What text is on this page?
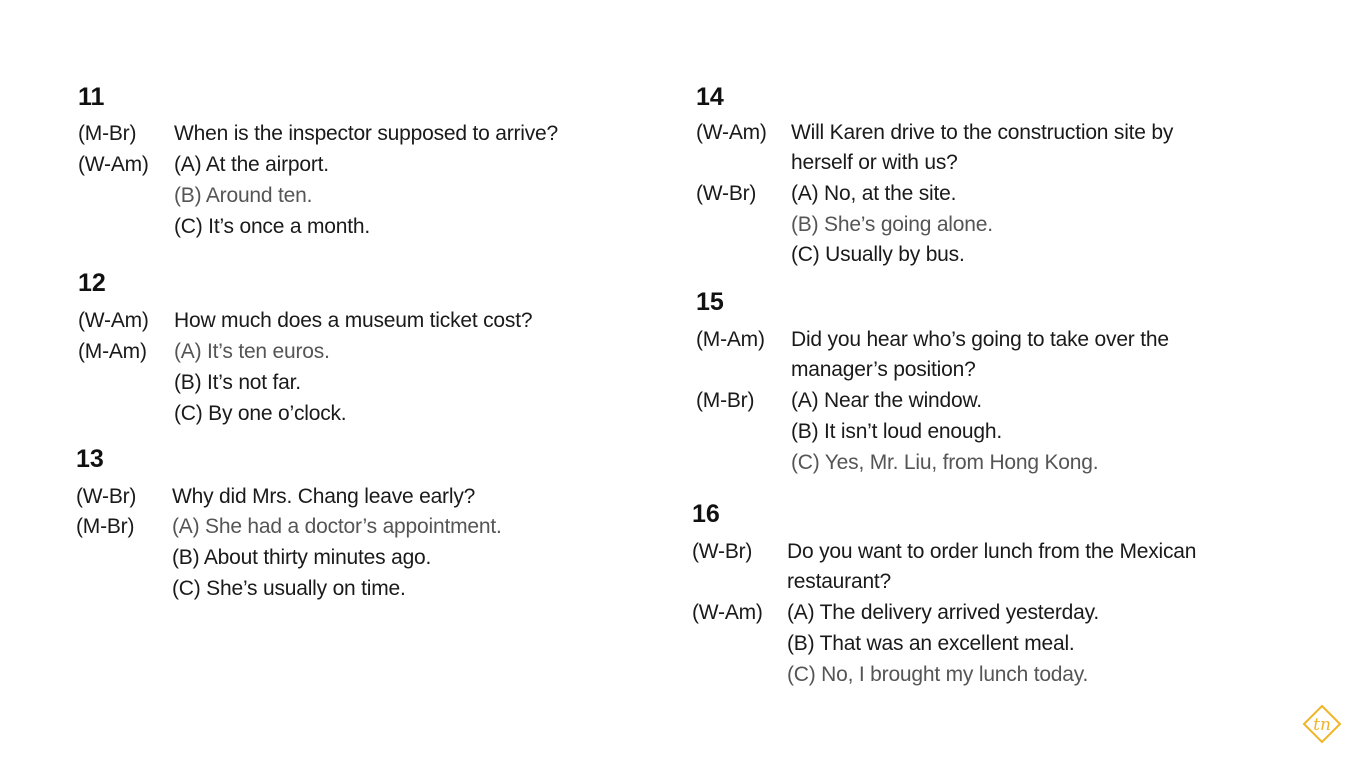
11
(M-Br) When is the inspector supposed to arrive?
(W-Am) (A) At the airport.
(B) Around ten.
(C) It’s once a month.
12
(W-Am) How much does a museum ticket cost?
(M-Am) (A) It’s ten euros.
(B) It’s not far.
(C) By one o’clock.
13
(W-Br) Why did Mrs. Chang leave early?
(M-Br) (A) She had a doctor’s appointment.
(B) About thirty minutes ago.
(C) She’s usually on time.
14
(W-Am) Will Karen drive to the construction site by
herself or with us?
(W-Br) (A) No, at the site.
(B) She’s going alone.
(C) Usually by bus.
15
(M-Am) Did you hear who’s going to take over the
manager’s position?
(M-Br) (A) Near the window.
(B) It isn’t loud enough.
(C) Yes, Mr. Liu, from Hong Kong.
16
(W-Br) Do you want to order lunch from the Mexican
restaurant?
(W-Am) (A) The delivery arrived yesterday.
(B) That was an excellent meal.
(C) No, I brought my lunch today.
tn
